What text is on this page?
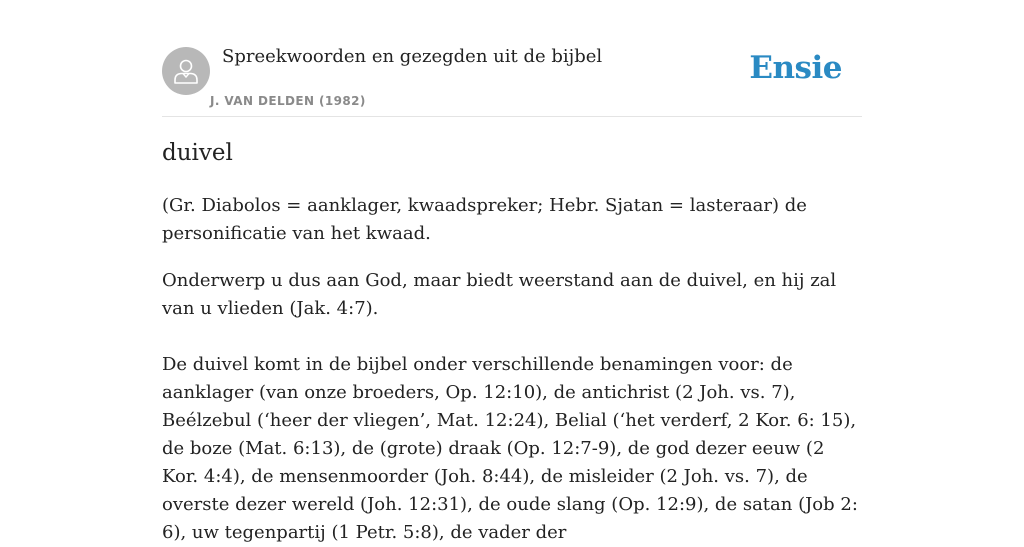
Spreekwoorden en gezegden uit de bijbel
J. VAN DELDEN (1982)
Ensie
duivel

(Gr. Diabolos = aanklager, kwaadspreker; Hebr. Sjatan = lasteraar) de personificatie van het kwaad.

Onderwerp u dus aan God, maar biedt weerstand aan de duivel, en hij zal van u vlieden (Jak. 4:7).

De duivel komt in de bijbel onder verschillende benamingen voor: de aanklager (van onze broeders, Op. 12:10), de antichrist (2 Joh. vs. 7), Beélzebul (‘heer der vliegen’, Mat. 12:24), Belial (‘het verderf, 2 Kor. 6: 15), de boze (Mat. 6:13), de (grote) draak (Op. 12:7-9), de god dezer eeuw (2 Kor. 4:4), de mensenmoorder (Joh. 8:44), de misleider (2 Joh. vs. 7), de overste dezer wereld (Joh. 12:31), de oude slang (Op. 12:9), de satan (Job 2: 6), uw tegenpartij (1 Petr. 5:8), de vader der
